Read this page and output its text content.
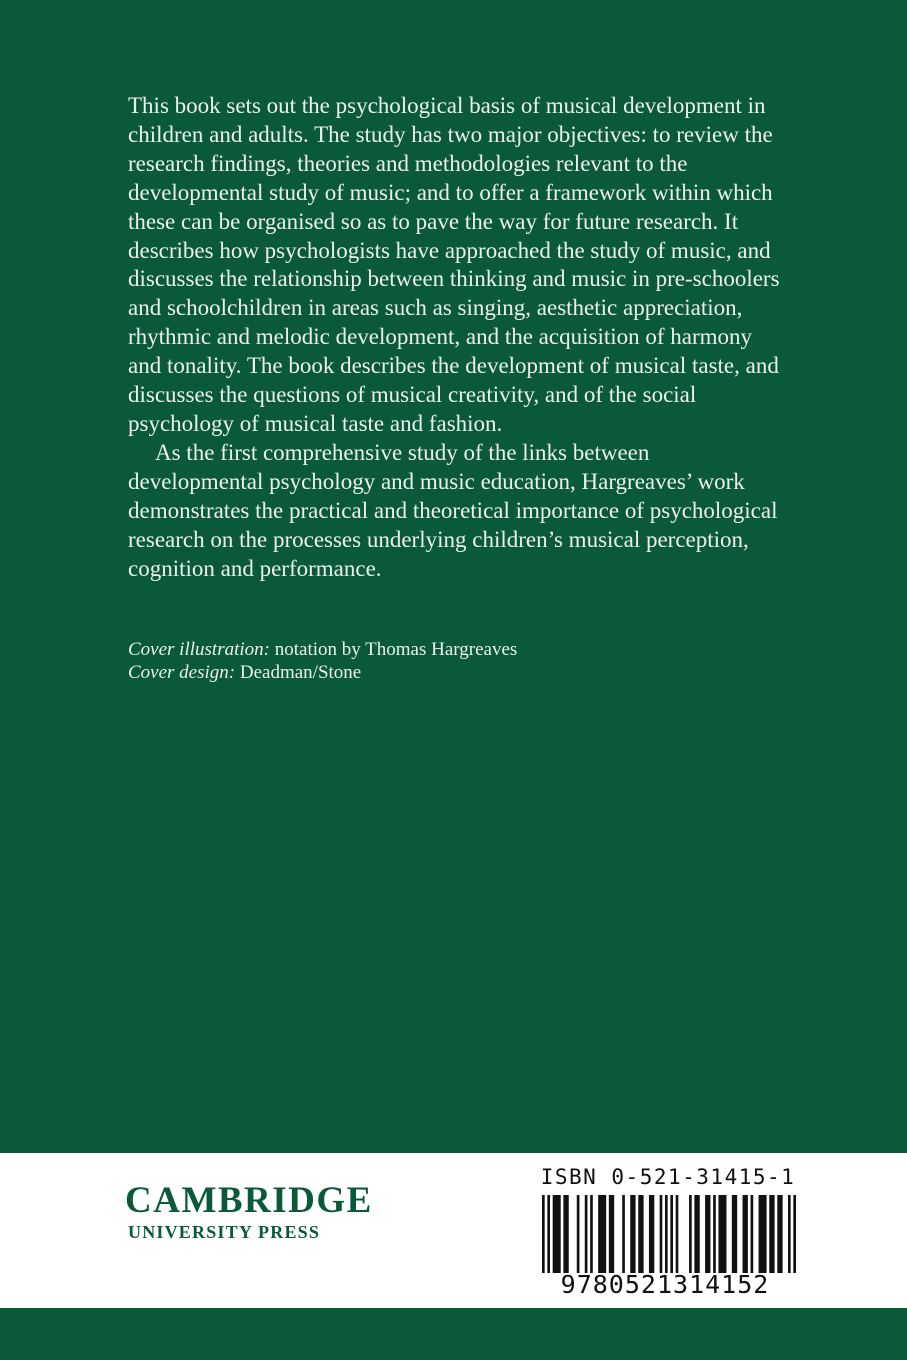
This book sets out the psychological basis of musical development in children and adults. The study has two major objectives: to review the research findings, theories and methodologies relevant to the developmental study of music; and to offer a framework within which these can be organised so as to pave the way for future research. It describes how psychologists have approached the study of music, and discusses the relationship between thinking and music in pre-schoolers and schoolchildren in areas such as singing, aesthetic appreciation, rhythmic and melodic development, and the acquisition of harmony and tonality. The book describes the development of musical taste, and discusses the questions of musical creativity, and of the social psychology of musical taste and fashion.

As the first comprehensive study of the links between developmental psychology and music education, Hargreaves’ work demonstrates the practical and theoretical importance of psychological research on the processes underlying children’s musical perception, cognition and performance.

Cover illustration: notation by Thomas Hargreaves

Cover design: Deadman/Stone

CAMBRIDGE
UNIVERSITY PRESS
ISBN 0-521-31415-1
9780521314152
